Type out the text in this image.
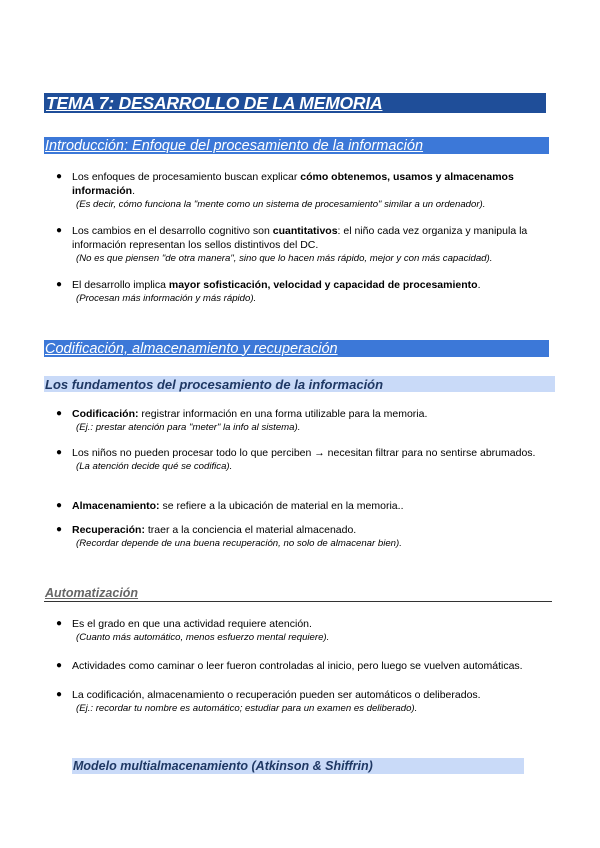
TEMA 7: DESARROLLO DE LA MEMORIA
Introducción: Enfoque del procesamiento de la información
● Los enfoques de procesamiento buscan explicar cómo obtenemos, usamos y almacenamos información.
(Es decir, cómo funciona la "mente como un sistema de procesamiento" similar a un ordenador).
● Los cambios en el desarrollo cognitivo son cuantitativos: el niño cada vez organiza y manipula la información representan los sellos distintivos del DC.
(No es que piensen "de otra manera", sino que lo hacen más rápido, mejor y con más capacidad).
● El desarrollo implica mayor sofisticación, velocidad y capacidad de procesamiento.
(Procesan más información y más rápido).
Codificación, almacenamiento y recuperación
Los fundamentos del procesamiento de la información
● Codificación: registrar información en una forma utilizable para la memoria.
(Ej.: prestar atención para "meter" la info al sistema).
● Los niños no pueden procesar todo lo que perciben → necesitan filtrar para no sentirse abrumados.
(La atención decide qué se codifica).
● Almacenamiento: se refiere a la ubicación de material en la memoria..
● Recuperación: traer a la conciencia el material almacenado.
(Recordar depende de una buena recuperación, no solo de almacenar bien).
Automatización
● Es el grado en que una actividad requiere atención.
(Cuanto más automático, menos esfuerzo mental requiere).
● Actividades como caminar o leer fueron controladas al inicio, pero luego se vuelven automáticas.
● La codificación, almacenamiento o recuperación pueden ser automáticos o deliberados.
(Ej.: recordar tu nombre es automático; estudiar para un examen es deliberado).
Modelo multialmacenamiento (Atkinson & Shiffrin)
